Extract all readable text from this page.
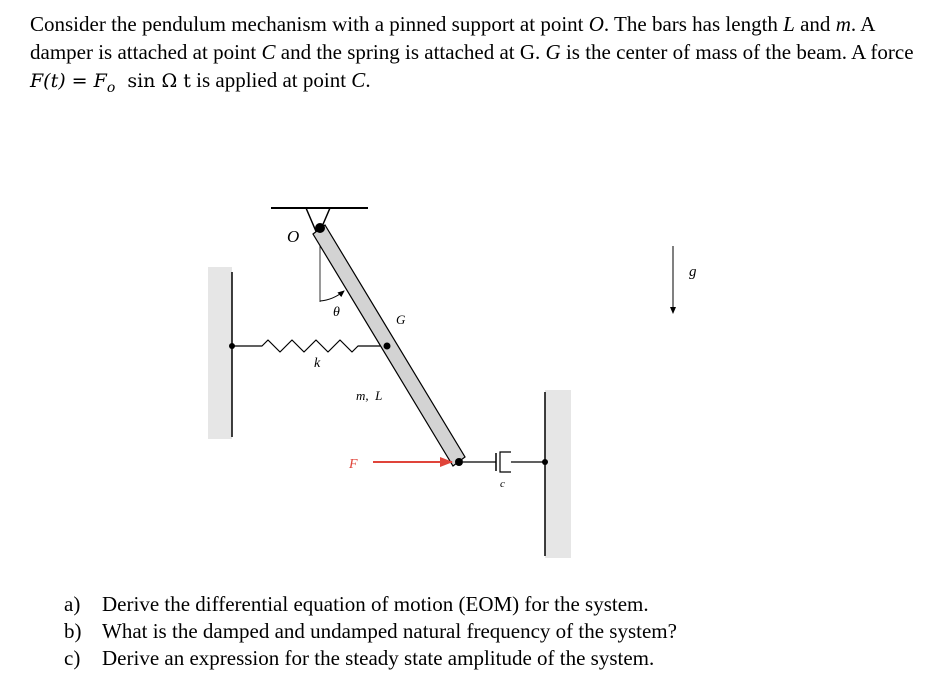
Consider the pendulum mechanism with a pinned support at point O. The bars has length L and m. A damper is attached at point C and the spring is attached at G. G is the center of mass of the beam. A force $F(t) = F_o$ sin Ω t is applied at point C.
O
θ	G
k
m,  L
F
c
g
a)	Derive the differential equation of motion (EOM) for the system.
b) What is the damped and undamped natural frequency of the system?
c)	Derive an expression for the steady state amplitude of the system.
